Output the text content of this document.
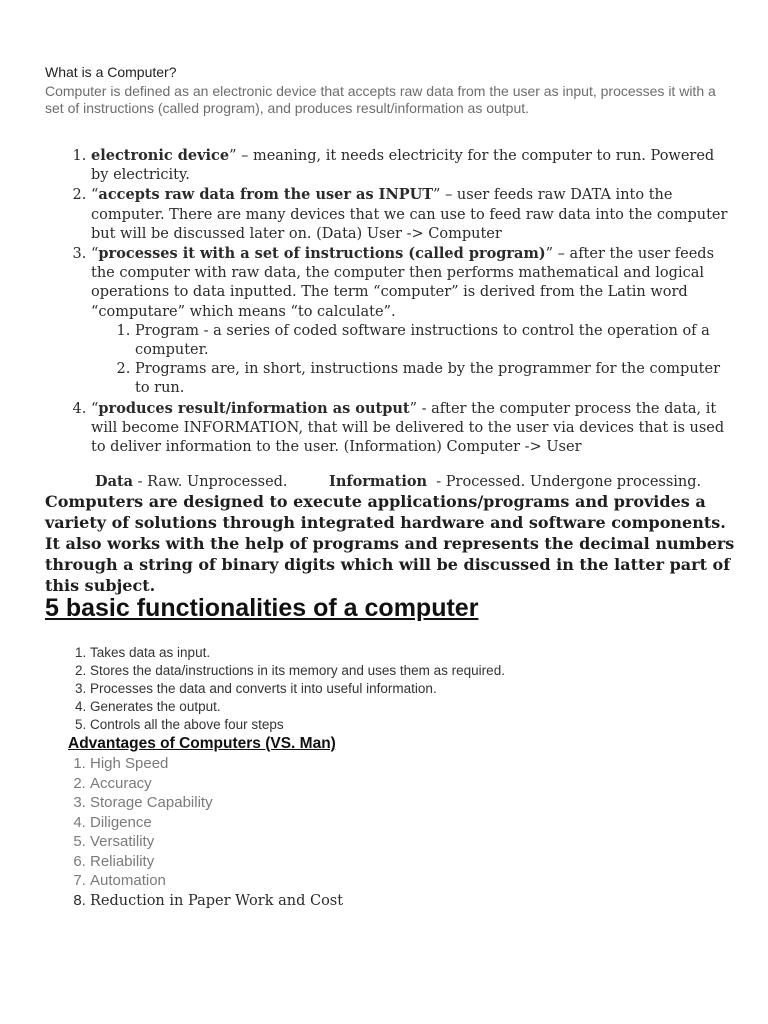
What is a Computer?
Computer is defined as an electronic device that accepts raw data from the user as input, processes it with a set of instructions (called program), and produces result/information as output.
1. electronic device” – meaning, it needs electricity for the computer to run. Powered by electricity.
2. “accepts raw data from the user as INPUT” – user feeds raw DATA into the computer. There are many devices that we can use to feed raw data into the computer but will be discussed later on. (Data) User -> Computer
3. “processes it with a set of instructions (called program)” – after the user feeds the computer with raw data, the computer then performs mathematical and logical operations to data inputted. The term “computer” is derived from the Latin word “computare” which means “to calculate”.
1. Program - a series of coded software instructions to control the operation of a computer.
2. Programs are, in short, instructions made by the programmer for the computer to run.
4. “produces result/information as output” - after the computer process the data, it will become INFORMATION, that will be delivered to the user via devices that is used to deliver information to the user. (Information) Computer -> User
Data - Raw. Unprocessed.         Information  - Processed. Undergone processing.
Computers are designed to execute applications/programs and provides a variety of solutions through integrated hardware and software components. It also works with the help of programs and represents the decimal numbers through a string of binary digits which will be discussed in the latter part of this subject.
5 basic functionalities of a computer
1. Takes data as input.
2. Stores the data/instructions in its memory and uses them as required.
3. Processes the data and converts it into useful information.
4. Generates the output.
5. Controls all the above four steps
Advantages of Computers (VS. Man)
1. High Speed
2. Accuracy
3. Storage Capability
4. Diligence
5. Versatility
6. Reliability
7. Automation
8. Reduction in Paper Work and Cost
